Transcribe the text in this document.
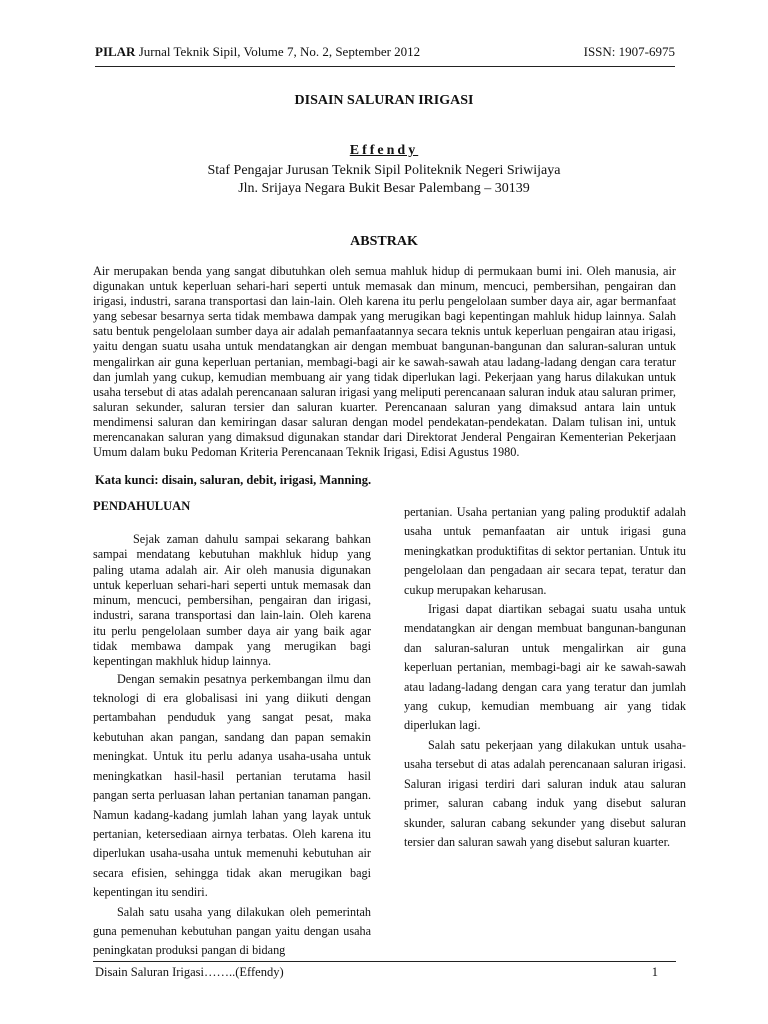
PILAR Jurnal Teknik Sipil, Volume 7, No. 2, September 2012	ISSN: 1907-6975
DISAIN SALURAN IRIGASI
Effendy
Staf Pengajar Jurusan Teknik Sipil Politeknik Negeri Sriwijaya
Jln. Srijaya Negara Bukit Besar Palembang – 30139
ABSTRAK

Air merupakan benda yang sangat dibutuhkan oleh semua mahluk hidup di permukaan bumi ini. Oleh manusia, air digunakan untuk keperluan sehari-hari seperti untuk memasak dan minum, mencuci, pembersihan, pengairan dan irigasi, industri, sarana transportasi dan lain-lain. Oleh karena itu perlu pengelolaan sumber daya air, agar bermanfaat yang sebesar besarnya serta tidak membawa dampak yang merugikan bagi kepentingan mahluk hidup lainnya. Salah satu bentuk pengelolaan sumber daya air adalah pemanfaatannya secara teknis untuk keperluan pengairan atau irigasi, yaitu dengan suatu usaha untuk mendatangkan air dengan membuat bangunan-bangunan dan saluran-saluran untuk mengalirkan air guna keperluan pertanian, membagi-bagi air ke sawah-sawah atau ladang-ladang dengan cara teratur dan jumlah yang cukup, kemudian membuang air yang tidak diperlukan lagi. Pekerjaan yang harus dilakukan untuk usaha tersebut di atas adalah perencanaan saluran irigasi yang meliputi perencanaan saluran induk atau saluran primer, saluran sekunder, saluran tersier dan saluran kuarter. Perencanaan saluran yang dimaksud antara lain untuk mendimensi saluran dan kemiringan dasar saluran dengan model pendekatan-pendekatan. Dalam tulisan ini, untuk merencanakan saluran yang dimaksud digunakan standar dari Direktorat Jenderal Pengairan Kementerian Pekerjaan Umum dalam buku Pedoman Kriteria Perencanaan Teknik Irigasi, Edisi Agustus 1980.

Kata kunci: disain, saluran, debit, irigasi, Manning.
PENDAHULUAN

Sejak zaman dahulu sampai sekarang bahkan sampai mendatang kebutuhan makhluk hidup yang paling utama adalah air. Air oleh manusia digunakan untuk keperluan sehari-hari seperti untuk memasak dan minum, mencuci, pembersihan, pengairan dan irigasi, industri, sarana transportasi dan lain-lain. Oleh karena itu perlu pengelolaan sumber daya air yang baik agar tidak membawa dampak yang merugikan bagi kepentingan makhluk hidup lainnya.

Dengan semakin pesatnya perkembangan ilmu dan teknologi di era globalisasi ini yang diikuti dengan pertambahan penduduk yang sangat pesat, maka kebutuhan akan pangan, sandang dan papan semakin meningkat. Untuk itu perlu adanya usaha-usaha untuk meningkatkan hasil-hasil pertanian terutama hasil pangan serta perluasan lahan pertanian tanaman pangan. Namun kadang-kadang jumlah lahan yang layak untuk pertanian, ketersediaan airnya terbatas. Oleh karena itu diperlukan usaha-usaha untuk memenuhi kebutuhan air secara efisien, sehingga tidak akan merugikan bagi kepentingan itu sendiri.

Salah satu usaha yang dilakukan oleh pemerintah guna pemenuhan kebutuhan pangan yaitu dengan usaha peningkatan produksi pangan di bidang

pertanian. Usaha pertanian yang paling produktif adalah usaha untuk pemanfaatan air untuk irigasi guna meningkatkan produktifitas di sektor pertanian. Untuk itu pengelolaan dan pengadaan air secara tepat, teratur dan cukup merupakan keharusan.

Irigasi dapat diartikan sebagai suatu usaha untuk mendatangkan air dengan membuat bangunan-bangunan dan saluran-saluran untuk mengalirkan air guna keperluan pertanian, membagi-bagi air ke sawah-sawah atau ladang-ladang dengan cara yang teratur dan jumlah yang cukup, kemudian membuang air yang tidak diperlukan lagi.

Salah satu pekerjaan yang dilakukan untuk usaha-usaha tersebut di atas adalah perencanaan saluran irigasi. Saluran irigasi terdiri dari saluran induk atau saluran primer, saluran cabang induk yang disebut saluran skunder, saluran cabang sekunder yang disebut saluran tersier dan saluran sawah yang disebut saluran kuarter.

Disain Saluran Irigasi……..(Effendy)	1
